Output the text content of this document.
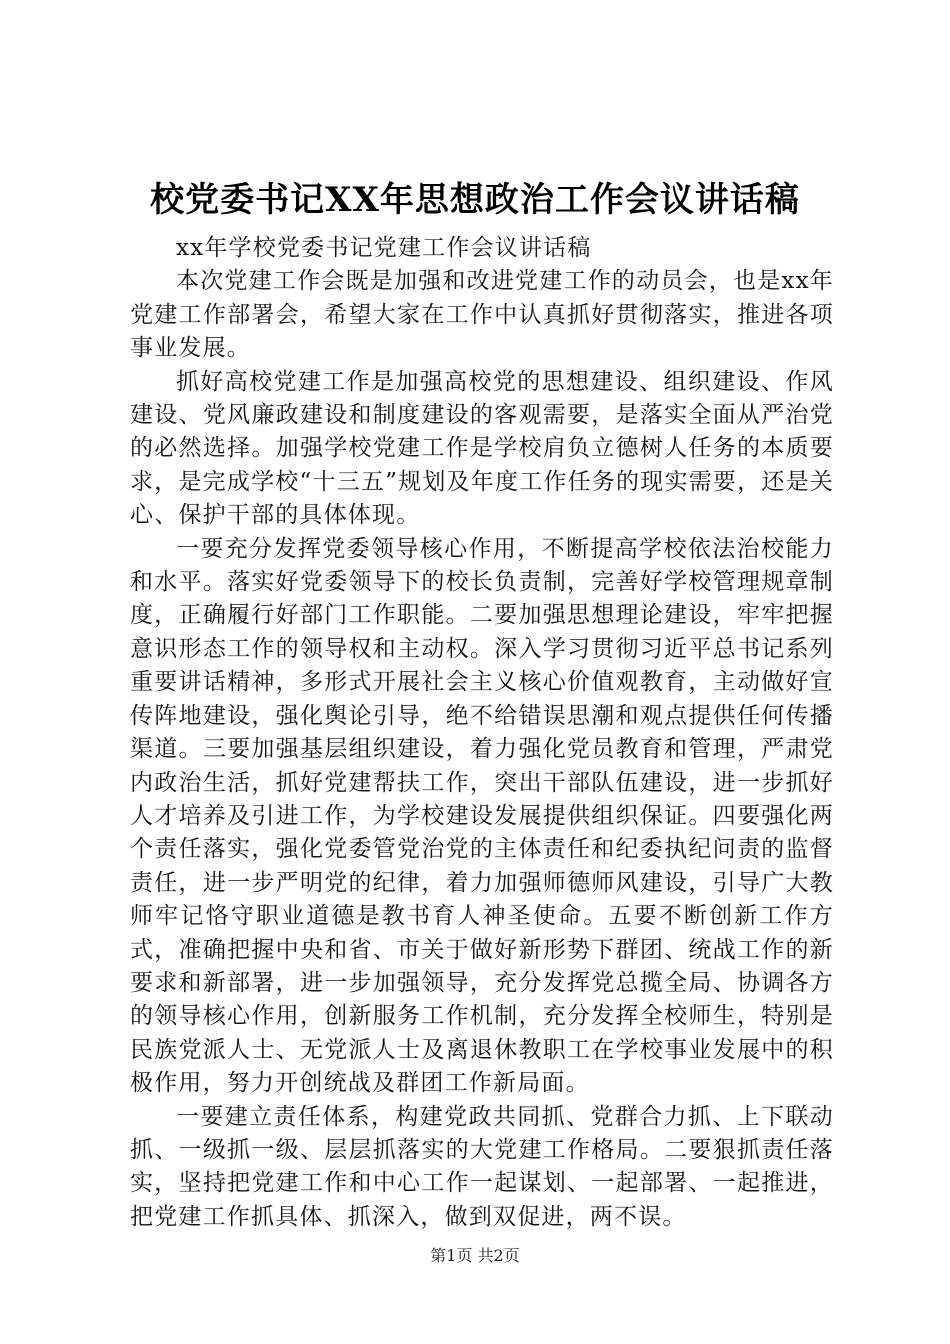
校党委书记XX年思想政治工作会议讲话稿

xx年学校党委书记党建工作会议讲话稿

本次党建工作会既是加强和改进党建工作的动员会，也是xx年党建工作部署会，希望大家在工作中认真抓好贯彻落实，推进各项事业发展。

抓好高校党建工作是加强高校党的思想建设、组织建设、作风建设、党风廉政建设和制度建设的客观需要，是落实全面从严治党的必然选择。加强学校党建工作是学校肩负立德树人任务的本质要求，是完成学校“十三五”规划及年度工作任务的现实需要，还是关心、保护干部的具体体现。

一要充分发挥党委领导核心作用，不断提高学校依法治校能力和水平。落实好党委领导下的校长负责制，完善好学校管理规章制度，正确履行好部门工作职能。二要加强思想理论建设，牢牢把握意识形态工作的领导权和主动权。深入学习贯彻习近平总书记系列重要讲话精神，多形式开展社会主义核心价值观教育，主动做好宣传阵地建设，强化舆论引导，绝不给错误思潮和观点提供任何传播渠道。三要加强基层组织建设，着力强化党员教育和管理，严肃党内政治生活，抓好党建帮扶工作，突出干部队伍建设，进一步抓好人才培养及引进工作，为学校建设发展提供组织保证。四要强化两个责任落实，强化党委管党治党的主体责任和纪委执纪问责的监督责任，进一步严明党的纪律，着力加强师德师风建设，引导广大教师牢记恪守职业道德是教书育人神圣使命。五要不断创新工作方式，准确把握中央和省、市关于做好新形势下群团、统战工作的新要求和新部署，进一步加强领导，充分发挥党总揽全局、协调各方的领导核心作用，创新服务工作机制，充分发挥全校师生，特别是民族党派人士、无党派人士及离退休教职工在学校事业发展中的积极作用，努力开创统战及群团工作新局面。

一要建立责任体系，构建党政共同抓、党群合力抓、上下联动抓、一级抓一级、层层抓落实的大党建工作格局。二要狠抓责任落实，坚持把党建工作和中心工作一起谋划、一起部署、一起推进，把党建工作抓具体、抓深入，做到双促进，两不误。

第1页 共2页
